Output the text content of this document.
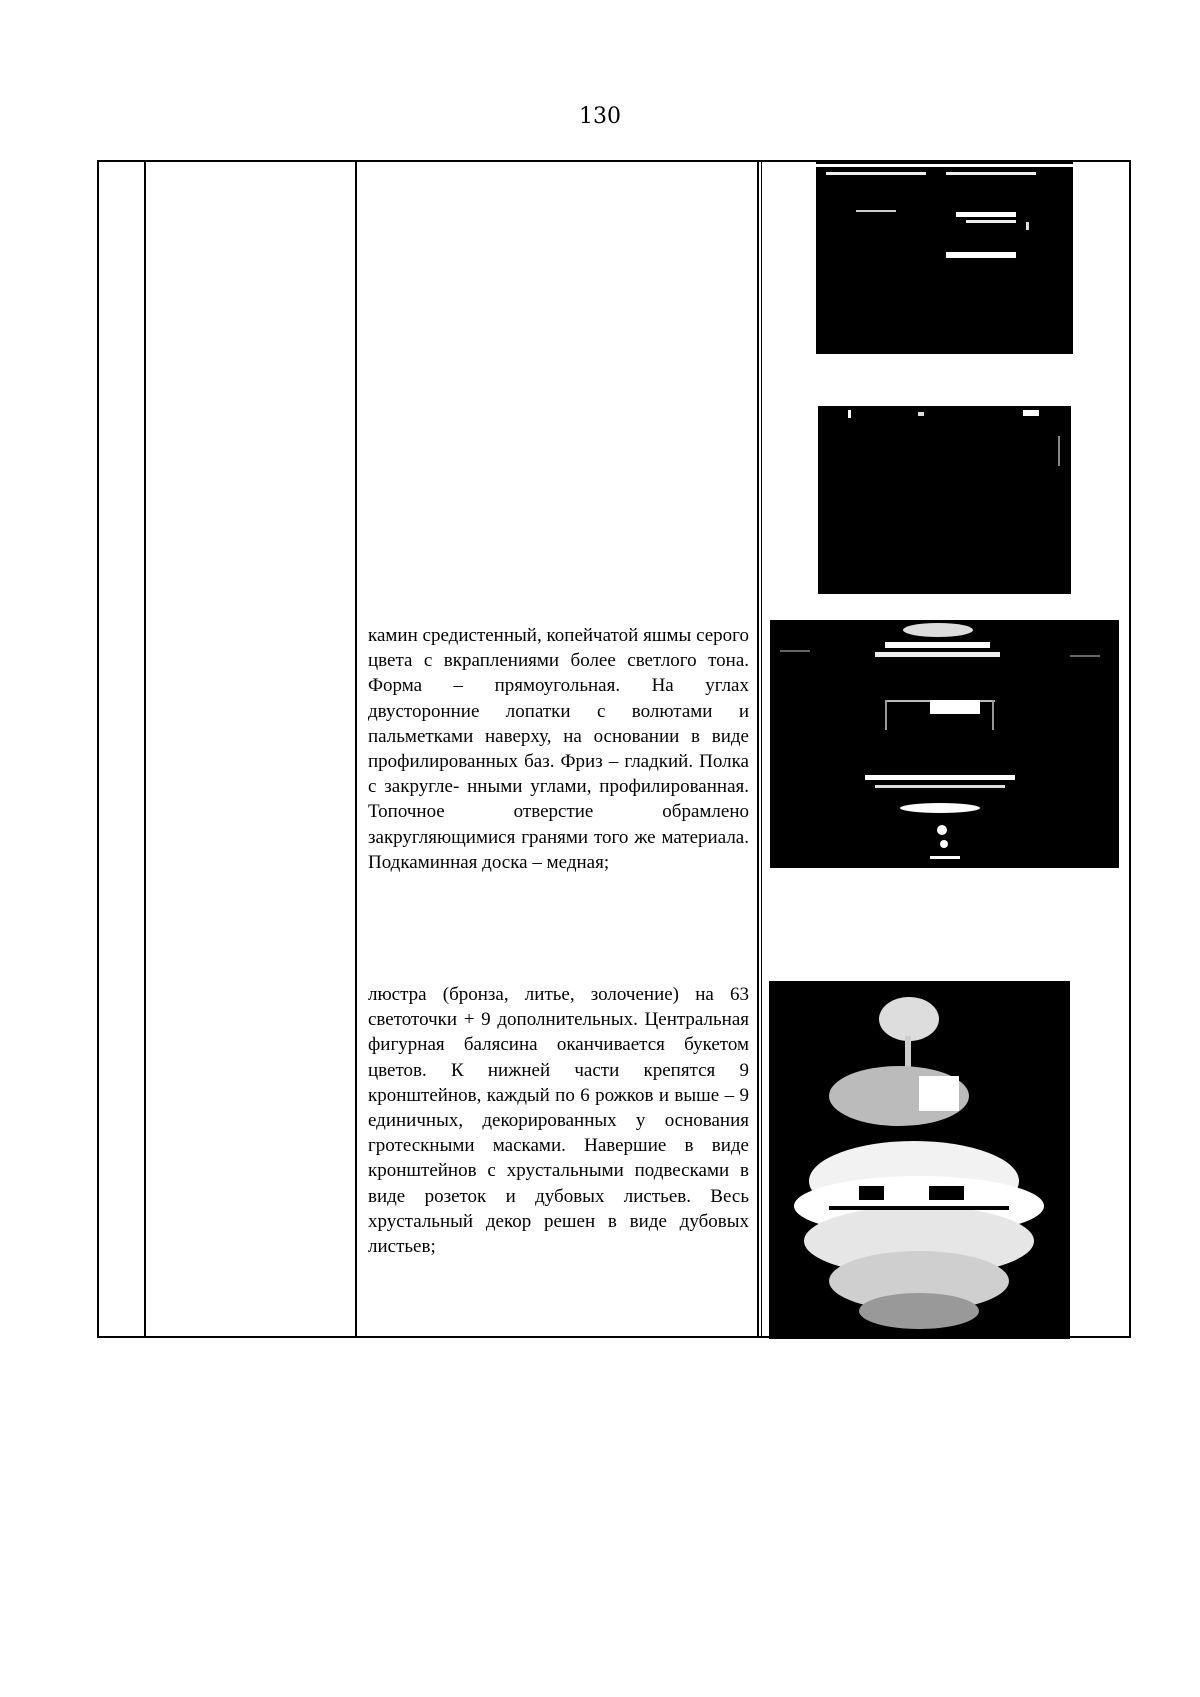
130

камин средистенный, копейчатой яшмы серого цвета с вкраплениями более светлого тона. Форма – прямоугольная. На углах двусторонние лопатки с волютами и пальметками наверху, на основании в виде профилированных баз. Фриз – гладкий. Полка с закругле- нными углами, профилированная. Топочное отверстие обрамлено закругляющимися гранями того же материала. Подкаминная доска – медная;

люстра (бронза, литье, золочение) на 63 светоточки + 9 дополнительных. Центральная фигурная балясина оканчивается букетом цветов. К нижней части крепятся 9 кронштейнов, каждый по 6 рожков и выше – 9 единичных, декорированных у основания гротескными масками. Навершие в виде кронштейнов с хрустальными подвесками в виде розеток и дубовых листьев. Весь хрустальный декор решен в виде дубовых листьев;
